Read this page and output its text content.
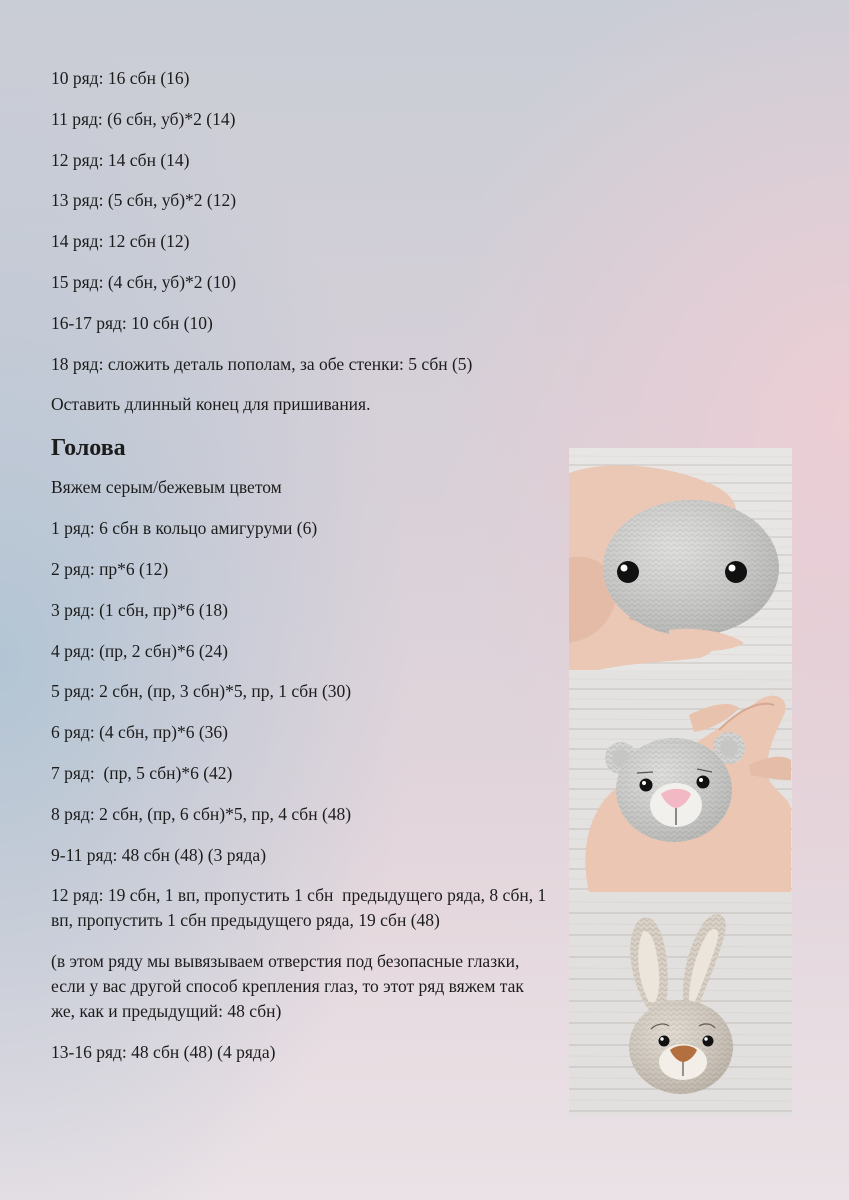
10 ряд: 16 сбн (16)

11 ряд: (6 сбн, уб)*2 (14)

12 ряд: 14 сбн (14)

13 ряд: (5 сбн, уб)*2 (12)

14 ряд: 12 сбн (12)

15 ряд: (4 сбн, уб)*2 (10)

16-17 ряд: 10 сбн (10)

18 ряд: сложить деталь пополам, за обе стенки: 5 сбн (5)

Оставить длинный конец для пришивания.

Голова

Вяжем серым/бежевым цветом

1 ряд: 6 сбн в кольцо амигуруми (6)

2 ряд: пр*6 (12)

3 ряд: (1 сбн, пр)*6 (18)

4 ряд: (пр, 2 сбн)*6 (24)

5 ряд: 2 сбн, (пр, 3 сбн)*5, пр, 1 сбн (30)

6 ряд: (4 сбн, пр)*6 (36)

7 ряд:  (пр, 5 сбн)*6 (42)

8 ряд: 2 сбн, (пр, 6 сбн)*5, пр, 4 сбн (48)

9-11 ряд: 48 сбн (48) (3 ряда)

12 ряд: 19 сбн, 1 вп, пропустить 1 сбн  предыдущего ряда, 8 сбн, 1 вп, пропустить 1 сбн предыдущего ряда, 19 сбн (48)

(в этом ряду мы вывязываем отверстия под безопасные глазки, если у вас другой способ крепления глаз, то этот ряд вяжем так же, как и предыдущий: 48 сбн)

13-16 ряд: 48 сбн (48) (4 ряда)
